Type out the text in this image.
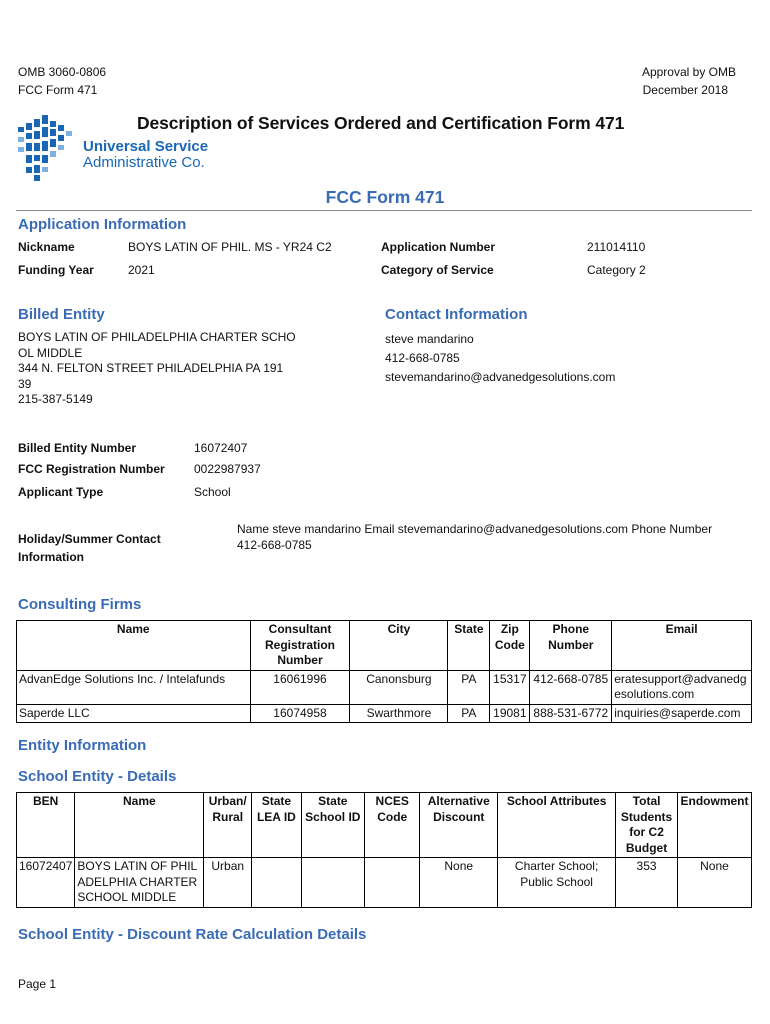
OMB 3060-0806
FCC Form 471
Approval by OMB
December 2018
Universal Service
Administrative Co.
Description of Services Ordered and Certification Form 471
FCC Form 471
Application Information
Nickname	BOYS LATIN OF PHIL. MS - YR24 C2	Application Number	211014110
Funding Year	2021	Category of Service	Category 2
Billed Entity
BOYS LATIN OF PHILADELPHIA CHARTER SCHO
OL MIDDLE
344 N. FELTON STREET PHILADELPHIA PA 191
39
215-387-5149
Contact Information
steve mandarino
412-668-0785
stevemandarino@advanedgesolutions.com
Billed Entity Number	16072407
FCC Registration Number 0022987937
Applicant Type	School
Holiday/Summer Contact
Information
Name steve mandarino Email stevemandarino@advanedgesolutions.com Phone Number
412-668-0785
Consulting Firms
Name	Consultant Registration Number	City	State	Zip Code	Phone Number	Email
AdvanEdge Solutions Inc. / Intelafunds	16061996	Canonsburg	PA	15317	412-668-0785	eratesupport@advanedgesolutions.com
Saperde LLC	16074958	Swarthmore	PA	19081	888-531-6772	inquiries@saperde.com
Entity Information
School Entity - Details
BEN	Name	Urban/ Rural	State LEA ID	State School ID	NCES Code	Alternative Discount	School Attributes	Total Students for C2 Budget	Endowment
16072407	BOYS LATIN OF PHILADELPHIA CHARTER SCHOOL MIDDLE	Urban				None	Charter School; Public School	353	None
School Entity - Discount Rate Calculation Details
Page 1
